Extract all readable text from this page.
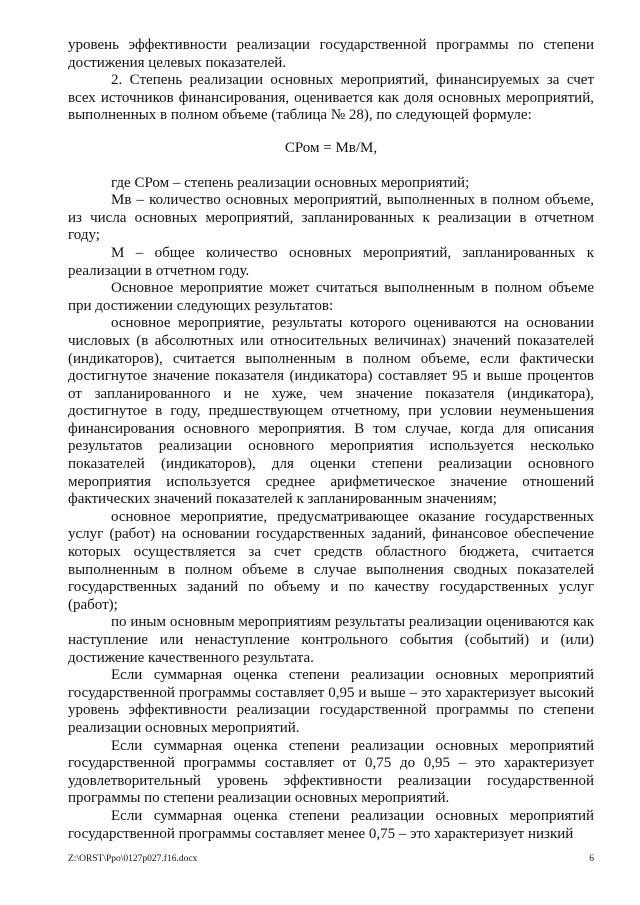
уровень эффективности реализации государственной программы по степени достижения целевых показателей.

2. Степень реализации основных мероприятий, финансируемых за счет всех источников финансирования, оценивается как доля основных мероприятий, выполненных в полном объеме (таблица № 28), по следующей формуле:

СРом = Мв/М,

где СРом – степень реализации основных мероприятий;

Мв – количество основных мероприятий, выполненных в полном объеме, из числа основных мероприятий, запланированных к реализации в отчетном году;

М – общее количество основных мероприятий, запланированных к реализации в отчетном году.

Основное мероприятие может считаться выполненным в полном объеме при достижении следующих результатов:

основное мероприятие, результаты которого оцениваются на основании числовых (в абсолютных или относительных величинах) значений показателей (индикаторов), считается выполненным в полном объеме, если фактически достигнутое значение показателя (индикатора) составляет 95 и выше процентов от запланированного и не хуже, чем значение показателя (индикатора), достигнутое в году, предшествующем отчетному, при условии неуменьшения финансирования основного мероприятия. В том случае, когда для описания результатов реализации основного мероприятия используется несколько показателей (индикаторов), для оценки степени реализации основного мероприятия используется среднее арифметическое значение отношений фактических значений показателей к запланированным значениям;

основное мероприятие, предусматривающее оказание государственных услуг (работ) на основании государственных заданий, финансовое обеспечение которых осуществляется за счет средств областного бюджета, считается выполненным в полном объеме в случае выполнения сводных показателей государственных заданий по объему и по качеству государственных услуг (работ);

по иным основным мероприятиям результаты реализации оцениваются как наступление или ненаступление контрольного события (событий) и (или) достижение качественного результата.

Если суммарная оценка степени реализации основных мероприятий государственной программы составляет 0,95 и выше – это характеризует высокий уровень эффективности реализации государственной программы по степени реализации основных мероприятий.

Если суммарная оценка степени реализации основных мероприятий государственной программы составляет от 0,75 до 0,95 – это характеризует удовлетворительный уровень эффективности реализации государственной программы по степени реализации основных мероприятий.

Если суммарная оценка степени реализации основных мероприятий государственной программы составляет менее 0,75 – это характеризует низкий

Z:\ORST\Ppo\0127p027.f16.docx	6
